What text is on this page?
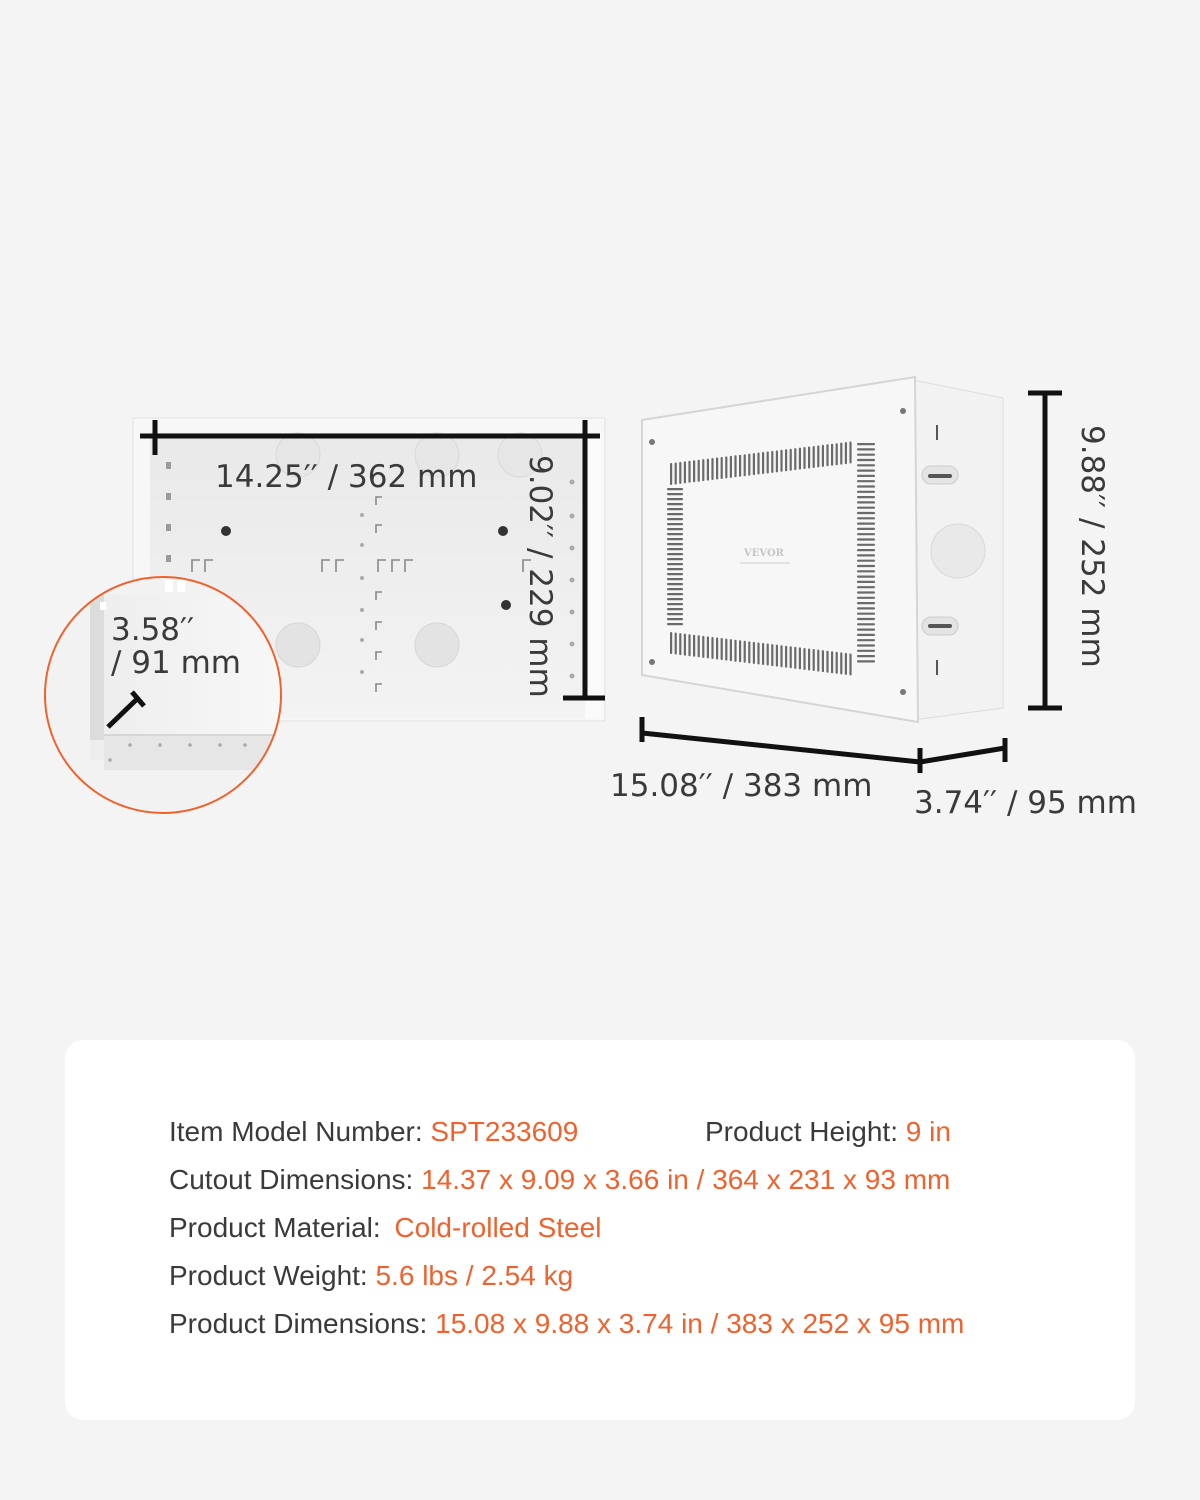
14.25′′ / 362 mm 9.02′′ / 229 mm
3.58′′
/ 91 mm
VEVOR
15.08′′ / 383 mm 3.74′′ / 95 mm
9.88′′ / 252 mm
Item Model Number: SPT233609	Product Height: 9 in
Cutout Dimensions: 14.37 x 9.09 x 3.66 in / 364 x 231 x 93 mm
Product Material: Cold-rolled Steel
Product Weight: 5.6 lbs / 2.54 kg
Product Dimensions: 15.08 x 9.88 x 3.74 in / 383 x 252 x 95 mm
